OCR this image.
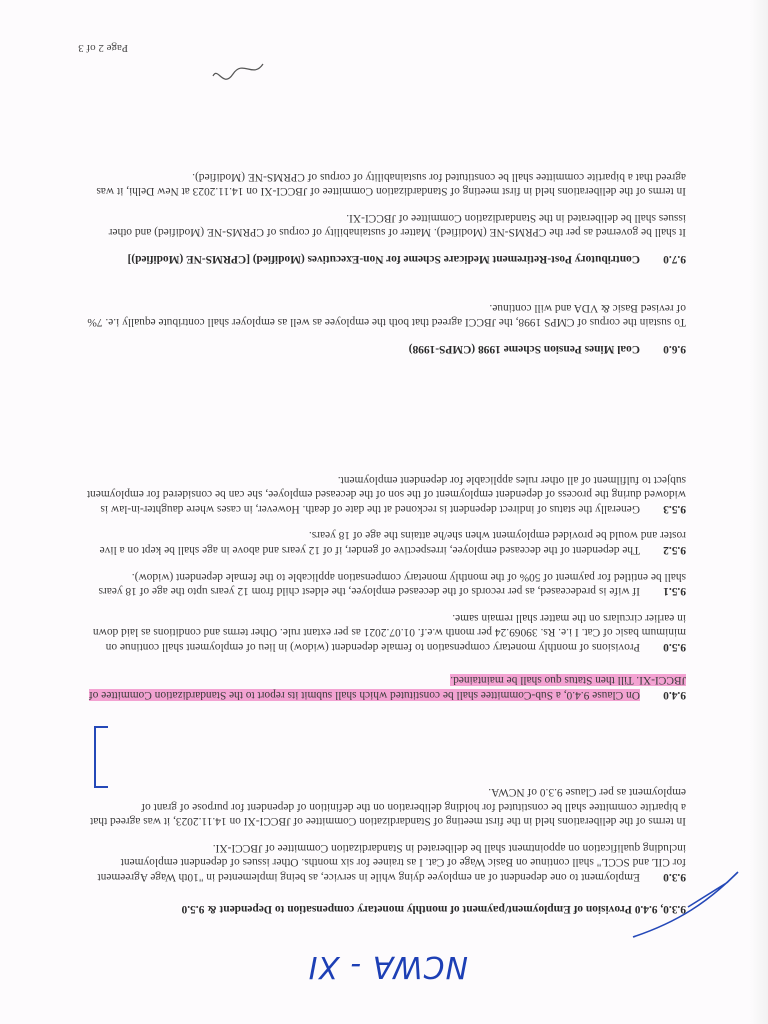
NCWA - XI
9.3.0, 9.4.0 Provision of Employment/payment of monthly monetary compensation to Dependent & 9.5.0
9.3.0Employment to one dependent of an employee dying while in service, as being implemented in "10th Wage Agreement for CIL and SCCL" shall continue on Basic Wage of Cat. I as trainee for six months. Other issues of dependent employment including qualification on appointment shall be deliberated in Standardization Committee of JBCCI-XI.
In terms of the deliberations held in the first meeting of Standardization Committee of JBCCI-XI on 14.11.2023, it was agreed that a bipartite committee shall be constituted for holding deliberation on the definition of dependent for purpose of grant of employment as per Clause 9.3.0 of NCWA.
9.4.0On Clause 9.4.0, a Sub-Committee shall be constituted which shall submit its report to the Standardization Committee of JBCCI-XI. Till then Status quo shall be maintained.
9.5.0Provisions of monthly monetary compensation to female dependent (widow) in lieu of employment shall continue on minimum basic of Cat. I i.e. Rs. 39069.24 per month w.e.f. 01.07.2021 as per extant rule. Other terms and conditions as laid down in earlier circulars on the matter shall remain same.
9.5.1If wife is predeceased, as per records of the deceased employee, the eldest child from 12 years upto the age of 18 years shall be entitled for payment of 50% of the monthly monetary compensation applicable to the female dependent (widow).
9.5.2The dependent of the deceased employee, irrespective of gender, if of 12 years and above in age shall be kept on a live roster and would be provided employment when she/he attains the age of 18 years.
9.5.3Generally the status of indirect dependent is reckoned at the date of death. However, in cases where daughter-in-law is widowed during the process of dependent employment of the son of the deceased employee, she can be considered for employment subject to fulfilment of all other rules applicable for dependent employment.
9.6.0Coal Mines Pension Scheme 1998 (CMPS-1998)
To sustain the corpus of CMPS 1998, the JBCCI agreed that both the employee as well as employer shall contribute equally i.e. 7% of revised Basic & VDA and will continue.
9.7.0Contributory Post-Retirement Medicare Scheme for Non-Executives (Modified) [CPRMS-NE (Modified)]
It shall be governed as per the CPRMS-NE (Modified). Matter of sustainability of corpus of CPRMS-NE (Modified) and other issues shall be deliberated in the Standardization Committee of JBCCI-XI.
In terms of the deliberations held in first meeting of Standardization Committee of JBCCI-XI on 14.11.2023 at New Delhi, it was agreed that a bipartite committee shall be constituted for sustainability of corpus of CPRMS-NE (Modified).
Page 2 of 3
